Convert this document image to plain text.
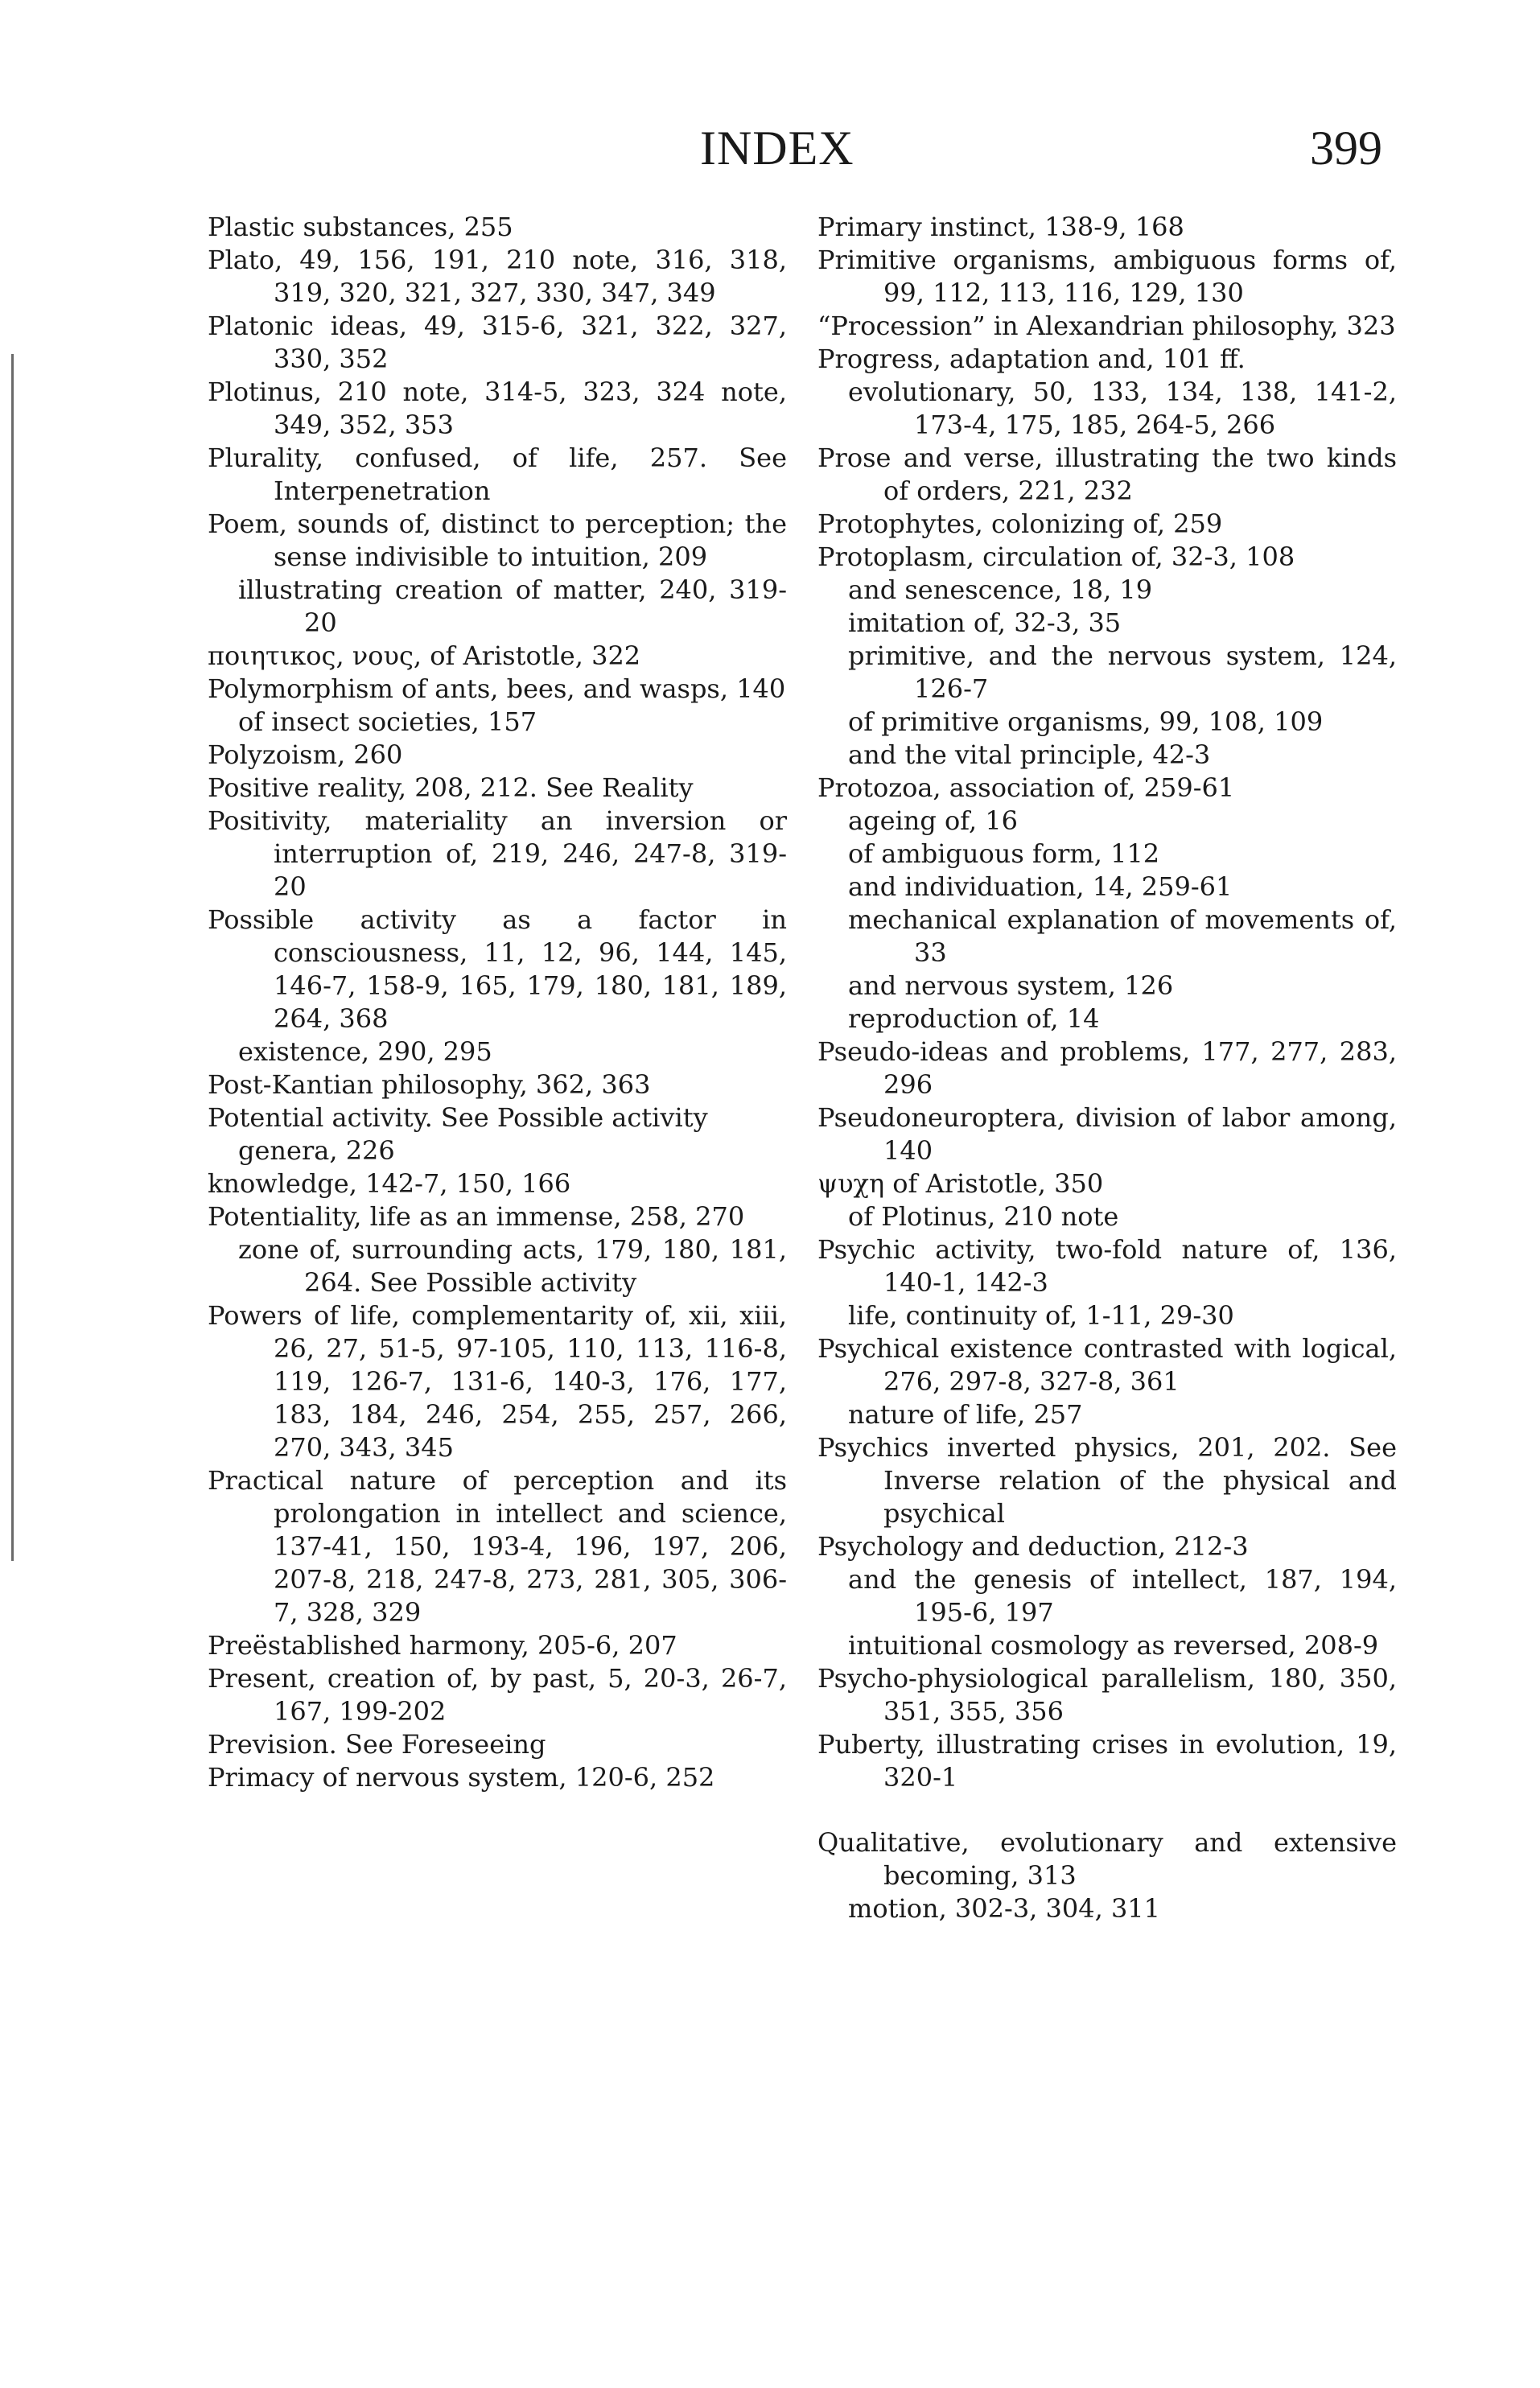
INDEX	399

Plastic substances, 255

Plato, 49, 156, 191, 210 note, 316, 318, 319, 320, 321, 327, 330, 347, 349

Platonic ideas, 49, 315-6, 321, 322, 327, 330, 352

Plotinus, 210 note, 314-5, 323, 324 note, 349, 352, 353

Plurality, confused, of life, 257. See Interpenetration

Poem, sounds of, distinct to perception; the sense indivisible to intuition, 209

illustrating creation of matter, 240, 319-20

ποιητικος, νους, of Aristotle, 322

Polymorphism of ants, bees, and wasps, 140

of insect societies, 157

Polyzoism, 260

Positive reality, 208, 212. See Reality

Positivity, materiality an inversion or interruption of, 219, 246, 247-8, 319-20

Possible activity as a factor in consciousness, 11, 12, 96, 144, 145, 146-7, 158-9, 165, 179, 180, 181, 189, 264, 368

existence, 290, 295

Post-Kantian philosophy, 362, 363

Potential activity. See Possible activity

genera, 226

knowledge, 142-7, 150, 166

Potentiality, life as an immense, 258, 270

zone of, surrounding acts, 179, 180, 181, 264. See Possible activity

Powers of life, complementarity of, xii, xiii, 26, 27, 51-5, 97-105, 110, 113, 116-8, 119, 126-7, 131-6, 140-3, 176, 177, 183, 184, 246, 254, 255, 257, 266, 270, 343, 345

Practical nature of perception and its prolongation in intellect and science, 137-41, 150, 193-4, 196, 197, 206, 207-8, 218, 247-8, 273, 281, 305, 306-7, 328, 329

Preëstablished harmony, 205-6, 207

Present, creation of, by past, 5, 20-3, 26-7, 167, 199-202

Prevision. See Foreseeing

Primacy of nervous system, 120-6, 252

Primary instinct, 138-9, 168

Primitive organisms, ambiguous forms of, 99, 112, 113, 116, 129, 130

“Procession” in Alexandrian philosophy, 323

Progress, adaptation and, 101 ff.

evolutionary, 50, 133, 134, 138, 141-2, 173-4, 175, 185, 264-5, 266

Prose and verse, illustrating the two kinds of orders, 221, 232

Protophytes, colonizing of, 259

Protoplasm, circulation of, 32-3, 108

and senescence, 18, 19

imitation of, 32-3, 35

primitive, and the nervous system, 124, 126-7

of primitive organisms, 99, 108, 109

and the vital principle, 42-3

Protozoa, association of, 259-61

ageing of, 16

of ambiguous form, 112

and individuation, 14, 259-61

mechanical explanation of movements of, 33

and nervous system, 126

reproduction of, 14

Pseudo-ideas and problems, 177, 277, 283, 296

Pseudoneuroptera, division of labor among, 140

ψυχη of Aristotle, 350

of Plotinus, 210 note

Psychic activity, two-fold nature of, 136, 140-1, 142-3

life, continuity of, 1-11, 29-30

Psychical existence contrasted with logical, 276, 297-8, 327-8, 361

nature of life, 257

Psychics inverted physics, 201, 202. See Inverse relation of the physical and psychical

Psychology and deduction, 212-3

and the genesis of intellect, 187, 194, 195-6, 197

intuitional cosmology as reversed, 208-9

Psycho-physiological parallelism, 180, 350, 351, 355, 356

Puberty, illustrating crises in evolution, 19, 320-1

Qualitative, evolutionary and extensive becoming, 313

motion, 302-3, 304, 311
